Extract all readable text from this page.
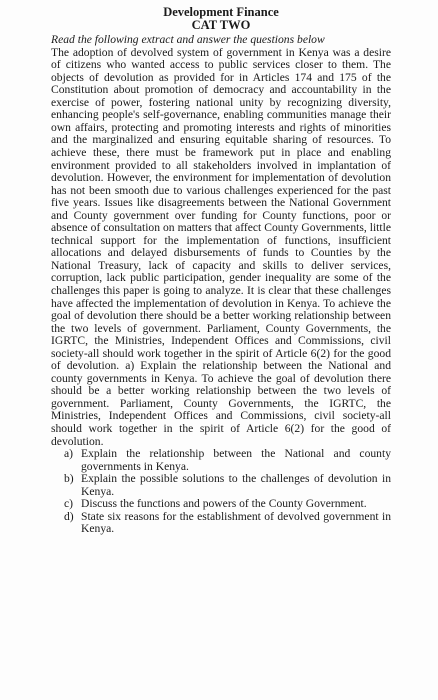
Development Finance
CAT TWO

Read the following extract and answer the questions below

The adoption of devolved system of government in Kenya was a desire of citizens who wanted access to public services closer to them. The objects of devolution as provided for in Articles 174 and 175 of the Constitution about promotion of democracy and accountability in the exercise of power, fostering national unity by recognizing diversity, enhancing people's self-governance, enabling communities manage their own affairs, protecting and promoting interests and rights of minorities and the marginalized and ensuring equitable sharing of resources. To achieve these, there must be framework put in place and enabling environment provided to all stakeholders involved in implantation of devolution. However, the environment for implementation of devolution has not been smooth due to various challenges experienced for the past five years. Issues like disagreements between the National Government and County government over funding for County functions, poor or absence of consultation on matters that affect County Governments, little technical support for the implementation of functions, insufficient allocations and delayed disbursements of funds to Counties by the National Treasury, lack of capacity and skills to deliver services, corruption, lack public participation, gender inequality are some of the challenges this paper is going to analyze. It is clear that these challenges have affected the implementation of devolution in Kenya. To achieve the goal of devolution there should be a better working relationship between the two levels of government. Parliament, County Governments, the IGRTC, the Ministries, Independent Offices and Commissions, civil society-all should work together in the spirit of Article 6(2) for the good of devolution. a) Explain the relationship between the National and county governments in Kenya. To achieve the goal of devolution there should be a better working relationship between the two levels of government. Parliament, County Governments, the IGRTC, the Ministries, Independent Offices and Commissions, civil society-all should work together in the spirit of Article 6(2) for the good of devolution.

a) Explain the relationship between the National and county governments in Kenya.
b) Explain the possible solutions to the challenges of devolution in Kenya.
c) Discuss the functions and powers of the County Government.
d) State six reasons for the establishment of devolved government in Kenya.
